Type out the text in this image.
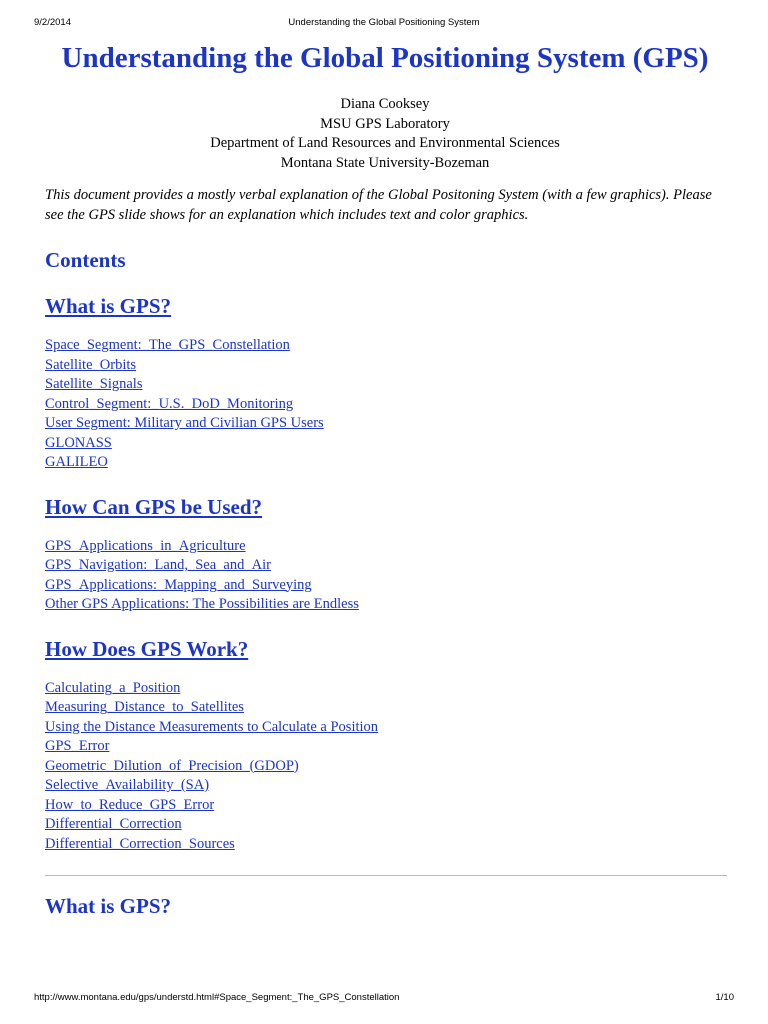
9/2/2014	Understanding the Global Positioning System
Understanding the Global Positioning System (GPS)
Diana Cooksey
MSU GPS Laboratory
Department of Land Resources and Environmental Sciences
Montana State University-Bozeman

This document provides a mostly verbal explanation of the Global Positoning System (with a few graphics). Please see the GPS slide shows for an explanation which includes text and color graphics.

Contents
What is GPS?
Space_Segment:_The_GPS_Constellation
Satellite_Orbits
Satellite_Signals
Control_Segment:_U.S._DoD_Monitoring
User Segment: Military and Civilian GPS Users
GLONASS
GALILEO
How Can GPS be Used?
GPS_Applications_in_Agriculture
GPS_Navigation:_Land,_Sea_and_Air
GPS_Applications:_Mapping_and_Surveying
Other GPS Applications: The Possibilities are Endless
How Does GPS Work?
Calculating_a_Position
Measuring_Distance_to_Satellites
Using the Distance Measurements to Calculate a Position
GPS_Error
Geometric_Dilution_of_Precision_(GDOP)
Selective_Availability_(SA)
How_to_Reduce_GPS_Error
Differential_Correction
Differential_Correction_Sources
What is GPS?
http://www.montana.edu/gps/understd.html#Space_Segment:_The_GPS_Constellation	1/10
